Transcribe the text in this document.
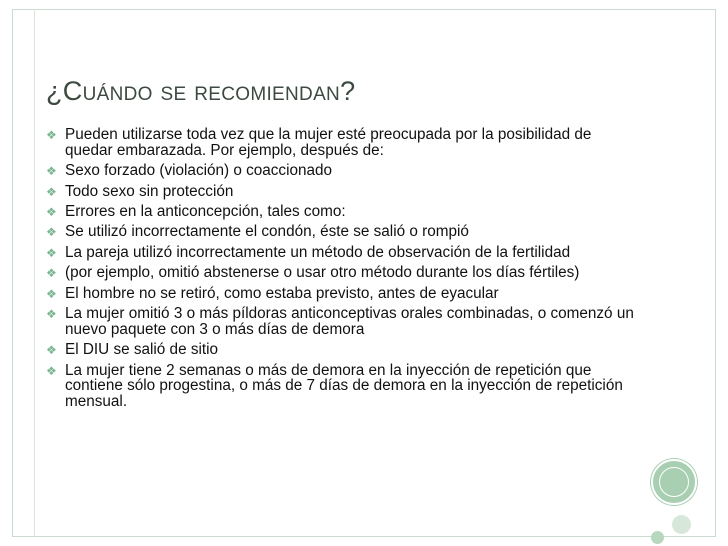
¿Cuándo se recomiendan?
❖ Pueden utilizarse toda vez que la mujer esté preocupada por la posibilidad de quedar embarazada. Por ejemplo, después de:
❖ Sexo forzado (violación) o coaccionado
❖ Todo sexo sin protección
❖ Errores en la anticoncepción, tales como:
❖ Se utilizó incorrectamente el condón, éste se salió o rompió
❖ La pareja utilizó incorrectamente un método de observación de la fertilidad
❖ (por ejemplo, omitió abstenerse o usar otro método durante los días fértiles)
❖ El hombre no se retiró, como estaba previsto, antes de eyacular
❖ La mujer omitió 3 o más píldoras anticonceptivas orales combinadas, o comenzó un nuevo paquete con 3 o más días de demora
❖ El DIU se salió de sitio
❖ La mujer tiene 2 semanas o más de demora en la inyección de repetición que contiene sólo progestina, o más de 7 días de demora en la inyección de repetición mensual.
